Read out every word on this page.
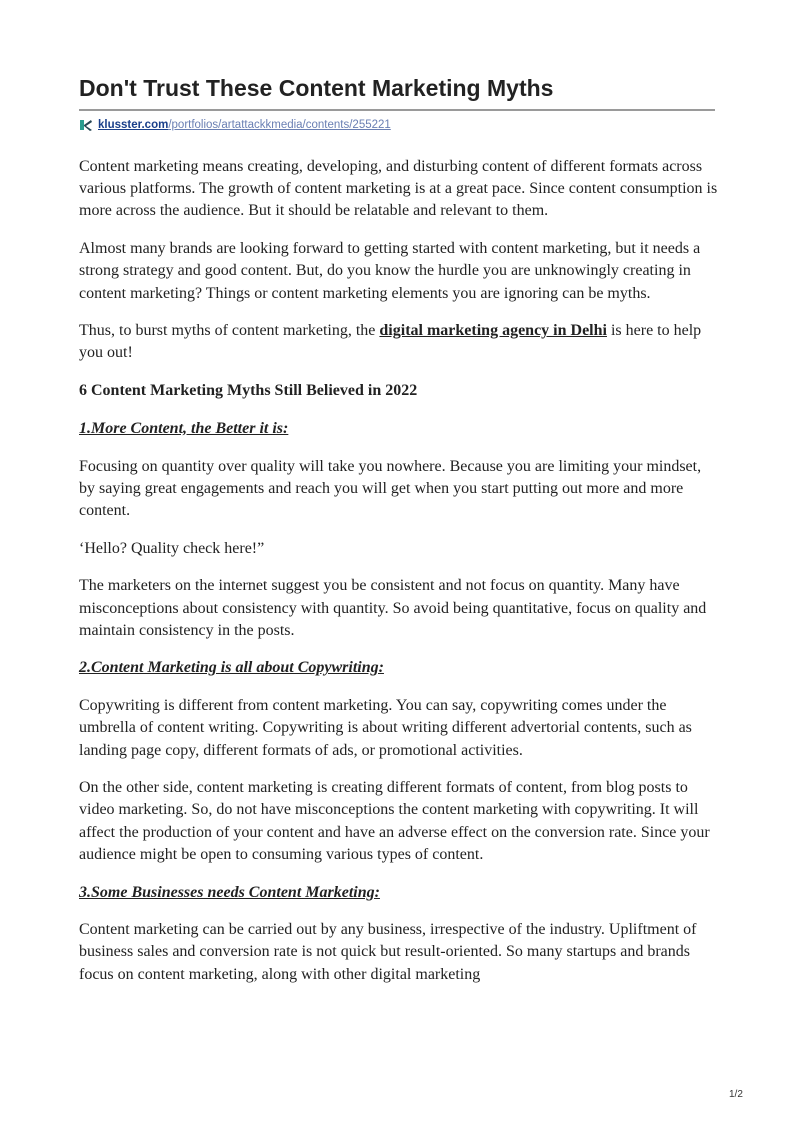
Don't Trust These Content Marketing Myths
klusster.com /portfolios/artattackkmedia/contents/255221

Content marketing means creating, developing, and disturbing content of different formats across various platforms. The growth of content marketing is at a great pace. Since content consumption is more across the audience. But it should be relatable and relevant to them.

Almost many brands are looking forward to getting started with content marketing, but it needs a strong strategy and good content. But, do you know the hurdle you are unknowingly creating in content marketing? Things or content marketing elements you are ignoring can be myths.

Thus, to burst myths of content marketing, the digital marketing agency in Delhi is here to help you out!

6 Content Marketing Myths Still Believed in 2022

1.More Content, the Better it is:

Focusing on quantity over quality will take you nowhere. Because you are limiting your mindset, by saying great engagements and reach you will get when you start putting out more and more content.

‘Hello? Quality check here!”

The marketers on the internet suggest you be consistent and not focus on quantity. Many have misconceptions about consistency with quantity. So avoid being quantitative, focus on quality and maintain consistency in the posts.

2.Content Marketing is all about Copywriting:

Copywriting is different from content marketing. You can say, copywriting comes under the umbrella of content writing. Copywriting is about writing different advertorial contents, such as landing page copy, different formats of ads, or promotional activities.

On the other side, content marketing is creating different formats of content, from blog posts to video marketing. So, do not have misconceptions the content marketing with copywriting. It will affect the production of your content and have an adverse effect on the conversion rate. Since your audience might be open to consuming various types of content.

3.Some Businesses needs Content Marketing:

Content marketing can be carried out by any business, irrespective of the industry. Upliftment of business sales and conversion rate is not quick but result-oriented. So many startups and brands focus on content marketing, along with other digital marketing

1/2
